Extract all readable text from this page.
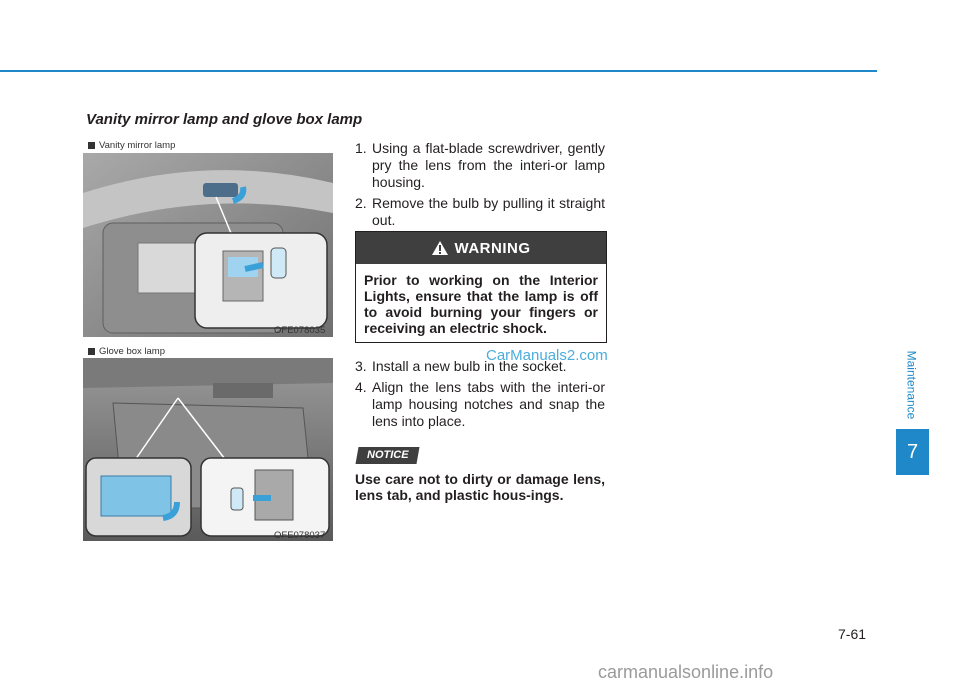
Vanity mirror lamp and glove box lamp
Vanity mirror lamp
OFE078035
Glove box lamp
OFE078037
1. Using a flat-blade screwdriver, gently pry the lens from the interi-or lamp housing.
2. Remove the bulb by pulling it straight out.
WARNING
Prior to working on the Interior Lights, ensure that the lamp is off to avoid burning your fingers or receiving an electric shock.
3. Install a new bulb in the socket.
4. Align the lens tabs with the interi-or lamp housing notches and snap the lens into place.
CarManuals2.com
NOTICE
Use care not to dirty or damage lens, lens tab, and plastic hous-ings.
Maintenance
7
7-61
carmanualsonline.info
